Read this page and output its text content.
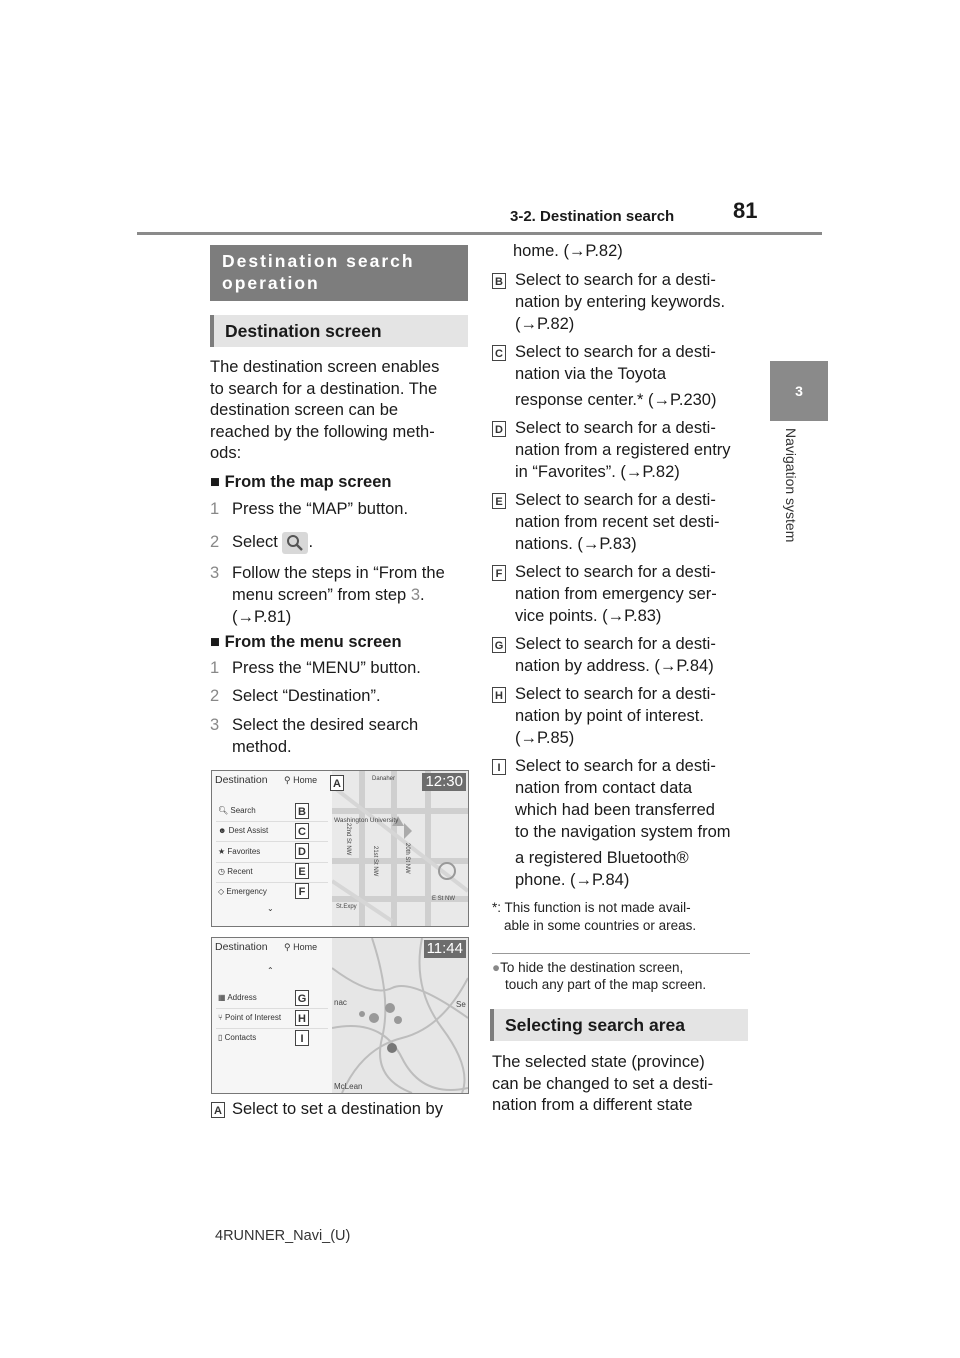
3-2. Destination search	81
3
Navigation system
Destination search
operation
Destination screen
The destination screen enables
to search for a destination. The
destination screen can be
reached by the following meth-
ods:
■ From the map screen
1 Press the “MAP” button.
2 Select .
3 Follow the steps in “From the
menu screen” from step 3.
(→P.81)
■ From the menu screen
1 Press the “MENU” button.
2 Select “Destination”.
3 Select the desired search
method.
Destination ⚲ Home
🔍︎ Search
☻ Dest Assist
★ Favorites
◷ Recent
◇ Emergency
⌄
Washington University
Danaher
E St NW
St.Expy
22nd St NW
21st St NW	20th St NW
12:30
A
B
C
D
E
F
Destination ⚲ Home
⌃
▦ Address
⑂ Point of Interest
▯ Contacts
nac
McLean
Se
11:44
G
H
I
A Select to set a destination by
home. (→P.82)
B Select to search for a desti-
nation by entering keywords.
(→P.82)
C Select to search for a desti-
nation via the Toyota
response center.* (→P.230)
D Select to search for a desti-
nation from a registered entry
in “Favorites”. (→P.82)
E Select to search for a desti-
nation from recent set desti-
nations. (→P.83)
F Select to search for a desti-
nation from emergency ser-
vice points. (→P.83)
G Select to search for a desti-
nation by address. (→P.84)
H Select to search for a desti-
nation by point of interest.
(→P.85)
I Select to search for a desti-
nation from contact data
which had been transferred
to the navigation system from
a registered Bluetooth®
phone. (→P.84)
*: This function is not made avail-
able in some countries or areas.
●To hide the destination screen,
touch any part of the map screen.
Selecting search area
The selected state (province)
can be changed to set a desti-
nation from a different state
4RUNNER_Navi_(U)
